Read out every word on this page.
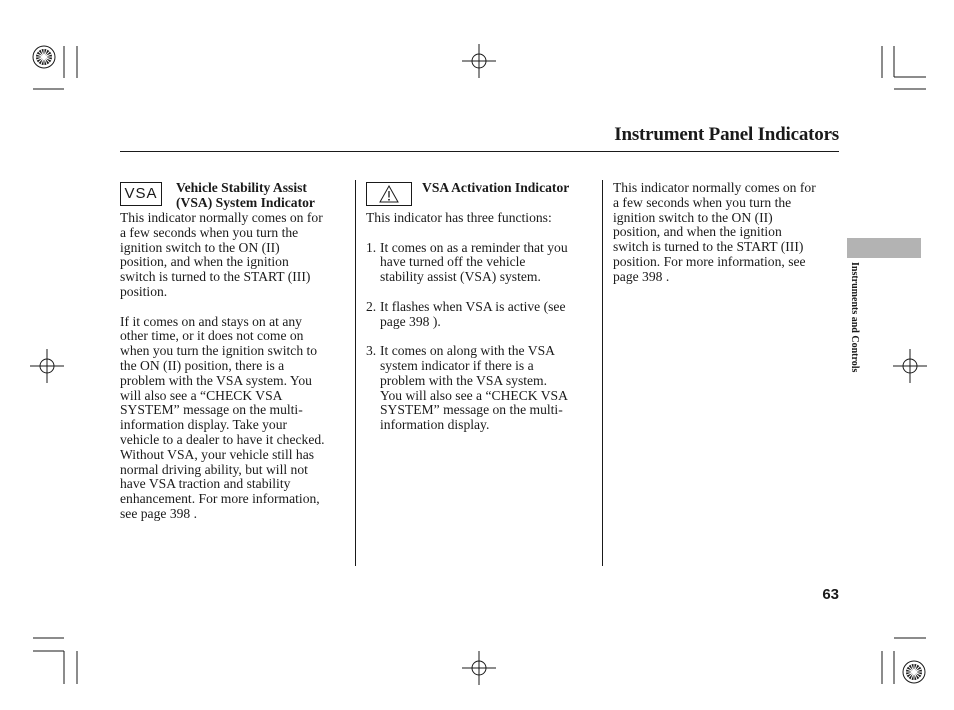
Instrument Panel Indicators
VSA	Vehicle Stability Assist
(VSA) System Indicator
This indicator normally comes on for
a few seconds when you turn the
ignition switch to the ON (II)
position, and when the ignition
switch is turned to the START (III)
position.
If it comes on and stays on at any
other time, or it does not come on
when you turn the ignition switch to
the ON (II) position, there is a
problem with the VSA system. You
will also see a “CHECK VSA
SYSTEM” message on the multi-
information display. Take your
vehicle to a dealer to have it checked.
Without VSA, your vehicle still has
normal driving ability, but will not
have VSA traction and stability
enhancement. For more information,
see page 398 .
VSA Activation Indicator
This indicator has three functions:
1. It comes on as a reminder that you
have turned off the vehicle
stability assist (VSA) system.
2. It flashes when VSA is active (see
page 398 ).
3. It comes on along with the VSA
system indicator if there is a
problem with the VSA system.
You will also see a “CHECK VSA
SYSTEM” message on the multi-
information display.
This indicator normally comes on for
a few seconds when you turn the
ignition switch to the ON (II)
position, and when the ignition
switch is turned to the START (III)
position. For more information, see
page 398 .	Instruments and Controls
63
